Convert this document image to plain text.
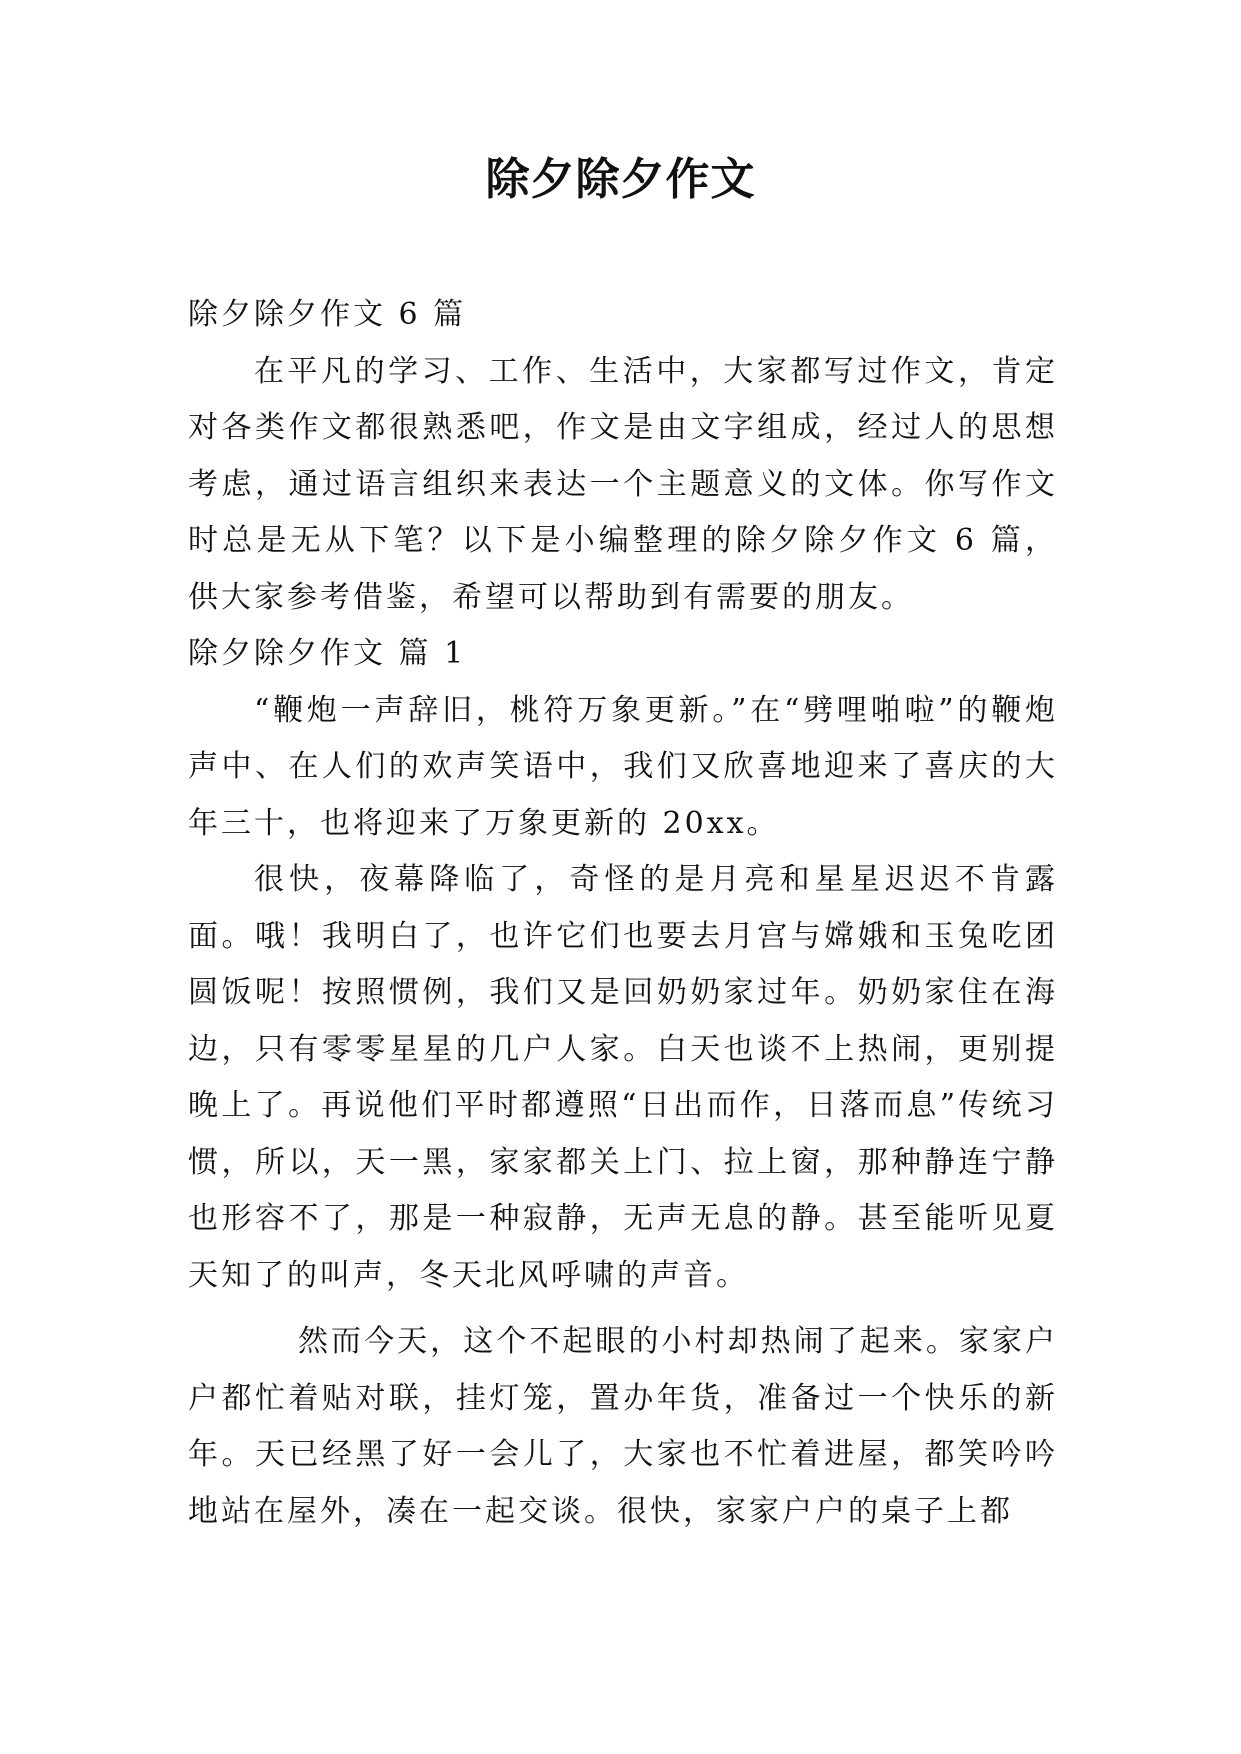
除夕除夕作文

除夕除夕作文 6 篇

在平凡的学习、工作、生活中，大家都写过作文，肯定对各类作文都很熟悉吧，作文是由文字组成，经过人的思想考虑，通过语言组织来表达一个主题意义的文体。你写作文时总是无从下笔？以下是小编整理的除夕除夕作文 6 篇，供大家参考借鉴，希望可以帮助到有需要的朋友。

除夕除夕作文 篇 1

“鞭炮一声辞旧，桃符万象更新。”在“劈哩啪啦”的鞭炮声中、在人们的欢声笑语中，我们又欣喜地迎来了喜庆的大年三十，也将迎来了万象更新的 20xx。

很快，夜幕降临了，奇怪的是月亮和星星迟迟不肯露面。哦！我明白了，也许它们也要去月宫与嫦娥和玉兔吃团圆饭呢！按照惯例，我们又是回奶奶家过年。奶奶家住在海边，只有零零星星的几户人家。白天也谈不上热闹，更别提晚上了。再说他们平时都遵照“日出而作，日落而息”传统习惯，所以，天一黑，家家都关上门、拉上窗，那种静连宁静也形容不了，那是一种寂静，无声无息的静。甚至能听见夏天知了的叫声，冬天北风呼啸的声音。

然而今天，这个不起眼的小村却热闹了起来。家家户户都忙着贴对联，挂灯笼，置办年货，准备过一个快乐的新年。天已经黑了好一会儿了，大家也不忙着进屋，都笑吟吟地站在屋外，凑在一起交谈。很快，家家户户的桌子上都
